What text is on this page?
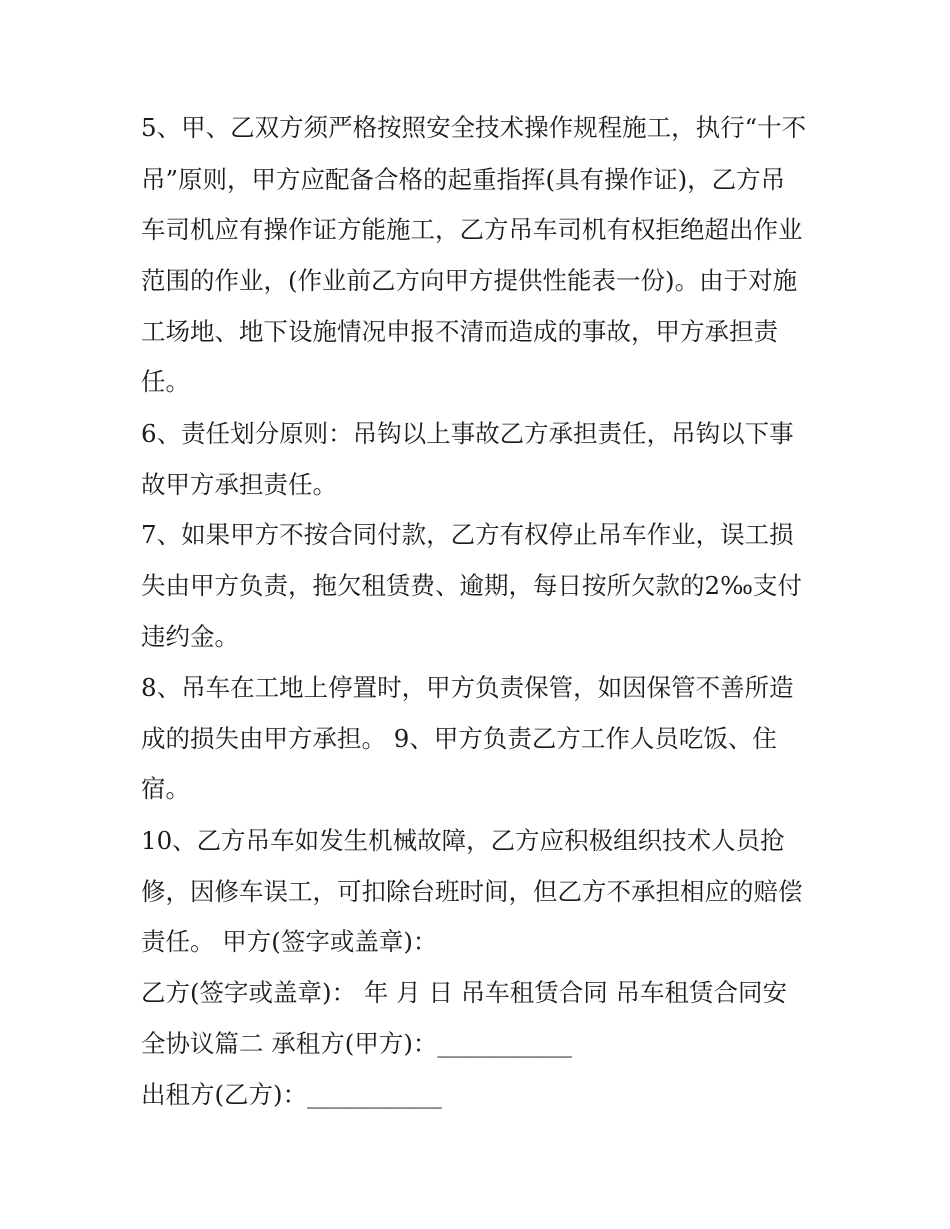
5、甲、乙双方须严格按照安全技术操作规程施工，执行“十不
吊”原则，甲方应配备合格的起重指挥(具有操作证)，乙方吊
车司机应有操作证方能施工，乙方吊车司机有权拒绝超出作业
范围的作业，(作业前乙方向甲方提供性能表一份)。由于对施
工场地、地下设施情况申报不清而造成的事故，甲方承担责
任。
6、责任划分原则：吊钩以上事故乙方承担责任，吊钩以下事
故甲方承担责任。
7、如果甲方不按合同付款，乙方有权停止吊车作业，误工损
失由甲方负责，拖欠租赁费、逾期，每日按所欠款的2‰支付
违约金。
8、吊车在工地上停置时，甲方负责保管，如因保管不善所造
成的损失由甲方承担。 9、甲方负责乙方工作人员吃饭、住
宿。
10、乙方吊车如发生机械故障，乙方应积极组织技术人员抢
修，因修车误工，可扣除台班时间，但乙方不承担相应的赔偿
责任。 甲方(签字或盖章)：
乙方(签字或盖章)： 年 月 日 吊车租赁合同 吊车租赁合同安
全协议篇二 承租方(甲方)：___________
出租方(乙方)：___________
